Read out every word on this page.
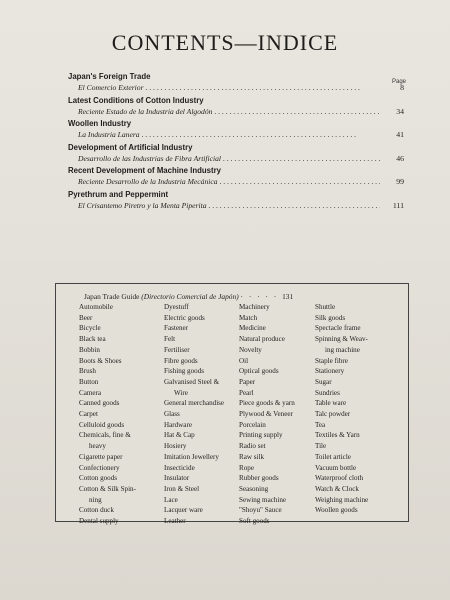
CONTENTS—INDICE
Page
Japan's Foreign Trade
El Comercio Exterior . . .	8
Latest Conditions of Cotton Industry
Reciente Estado de la Industria del Algodón . . .	34
Woollen Industry
La Industria Lanera . . .	41
Development of Artificial Industry
Desarrollo de las Industrias de Fibra Artificial . . .	46
Recent Development of Machine Industry
Reciente Desarrollo de la Industria Mecánica . . .	99
Pyrethrum and Peppermint
El Crisantemo Piretro y la Menta Piperita . . .	111
Japan Trade Guide (Directorio Comercial de Japón) · · · · · 131
Automobile
Beer
Bicycle
Black tea
Bobbin
Boots & Shoes
Brush
Button
Camera
Canned goods
Carpet
Celluloid goods
Chemicals, fine &
heavy
Cigarette paper
Confectionery
Cotton goods
Cotton & Silk Spin-
ning
Cotton duck
Dental supply
Dyestuff
Electric goods
Fastener
Felt
Fertiliser
Fibre goods
Fishing goods
Galvanised Steel &
Wire
General merchandise
Glass
Hardware
Hat & Cap
Hosiery
Imitation Jewellery
Insecticide
Insulator
Iron & Steel
Lace
Lacquer ware
Leather
Machinery
Match
Medicine
Natural produce
Novelty
Oil
Optical goods
Paper
Pearl
Piece goods & yarn
Plywood & Veneer
Porcelain
Printing supply
Radio set
Raw silk
Rope
Rubber goods
Seasoning
Sewing machine
"Shoyu" Sauce
Soft goods
Shuttle
Silk goods
Spectacle frame
Spinning & Weav-
ing machine
Staple fibre
Stationery
Sugar
Sundries
Table ware
Talc powder
Tea
Textiles & Yarn
Tile
Toilet article
Vacuum bottle
Waterproof cloth
Watch & Clock
Weighing machine
Woollen goods
